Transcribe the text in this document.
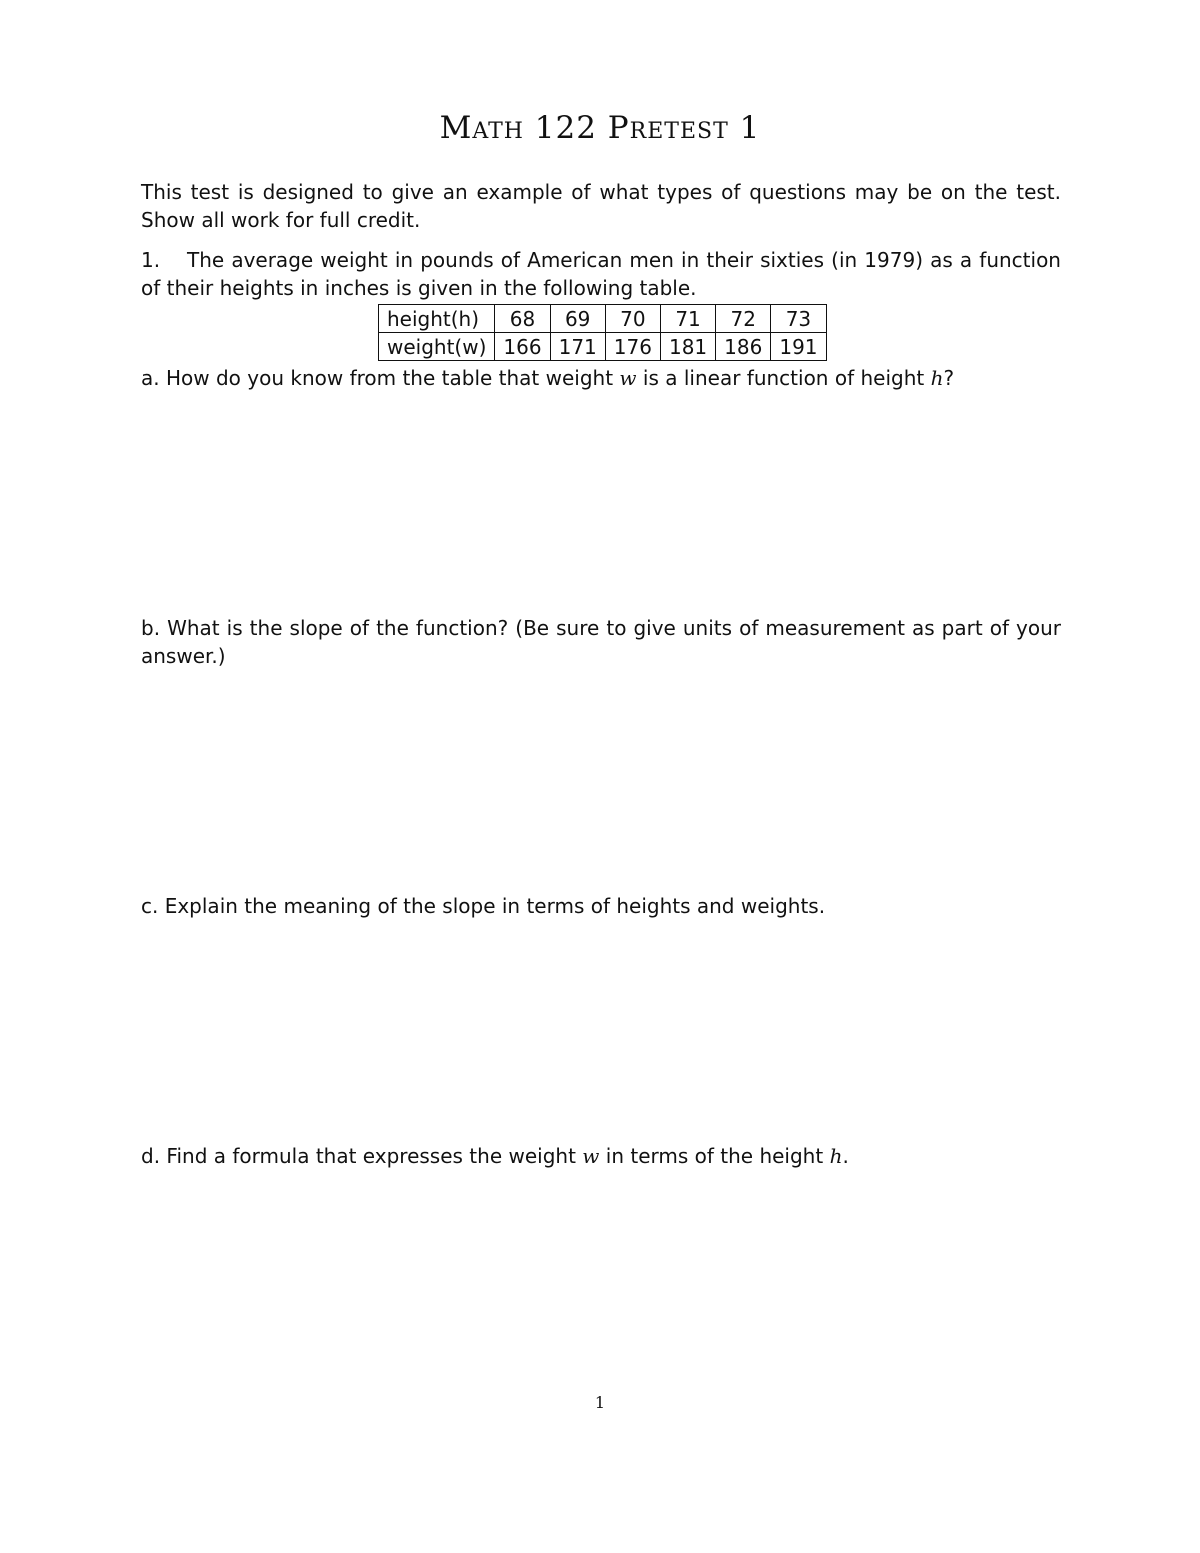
Math 122 Pretest 1
This test is designed to give an example of what types of questions may be on the test. Show all work for full credit.
1. The average weight in pounds of American men in their sixties (in 1979) as a function of their heights in inches is given in the following table.
height(h)	68	69	70	71	72	73
weight(w)	166	171	176	181	186	191
a. How do you know from the table that weight w is a linear function of height h?
b. What is the slope of the function? (Be sure to give units of measurement as part of your answer.)
c. Explain the meaning of the slope in terms of heights and weights.
d. Find a formula that expresses the weight w in terms of the height h.
1
